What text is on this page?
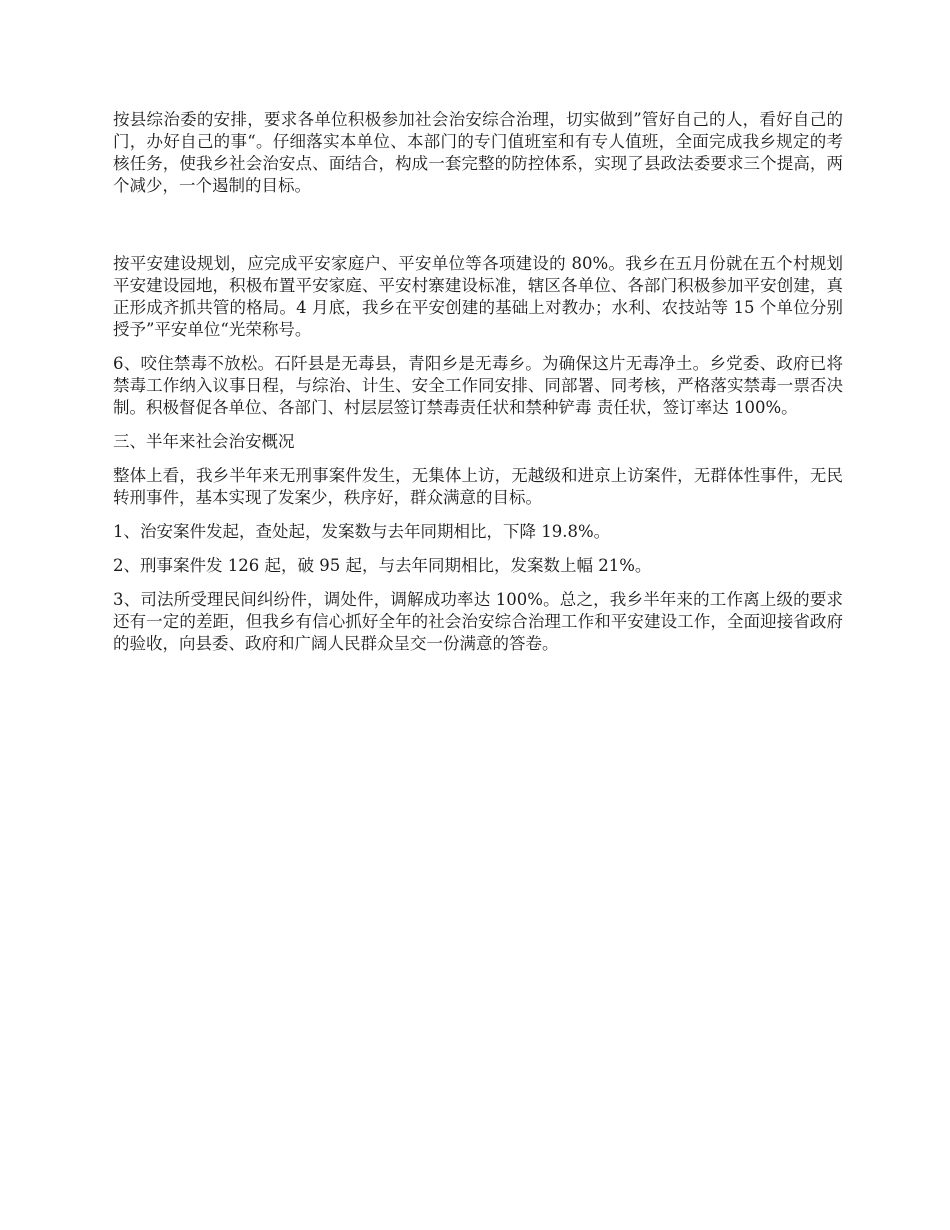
按县综治委的安排，要求各单位积极参加社会治安综合治理，切实做到”管好自己的人，看好自己的门，办好自己的事“。仔细落实本单位、本部门的专门值班室和有专人值班，全面完成我乡规定的考核任务，使我乡社会治安点、面结合，构成一套完整的防控体系，实现了县政法委要求三个提高，两个减少，一个遏制的目标。

按平安建设规划，应完成平安家庭户、平安单位等各项建设的 80%。我乡在五月份就在五个村规划平安建设园地，积极布置平安家庭、平安村寨建设标准，辖区各单位、各部门积极参加平安创建，真正形成齐抓共管的格局。4 月底，我乡在平安创建的基础上对教办；水利、农技站等 15 个单位分别授予”平安单位“光荣称号。

6、咬住禁毒不放松。石阡县是无毒县，青阳乡是无毒乡。为确保这片无毒净土。乡党委、政府已将禁毒工作纳入议事日程，与综治、计生、安全工作同安排、同部署、同考核，严格落实禁毒一票否决制。积极督促各单位、各部门、村层层签订禁毒责任状和禁种铲毒 责任状，签订率达 100%。

三、半年来社会治安概况

整体上看，我乡半年来无刑事案件发生，无集体上访，无越级和进京上访案件，无群体性事件，无民转刑事件，基本实现了发案少，秩序好，群众满意的目标。

1、治安案件发起，查处起，发案数与去年同期相比，下降 19.8%。

2、刑事案件发 126 起，破 95 起，与去年同期相比，发案数上幅 21%。

3、司法所受理民间纠纷件，调处件，调解成功率达 100%。总之，我乡半年来的工作离上级的要求还有一定的差距，但我乡有信心抓好全年的社会治安综合治理工作和平安建设工作，全面迎接省政府的验收，向县委、政府和广阔人民群众呈交一份满意的答卷。
